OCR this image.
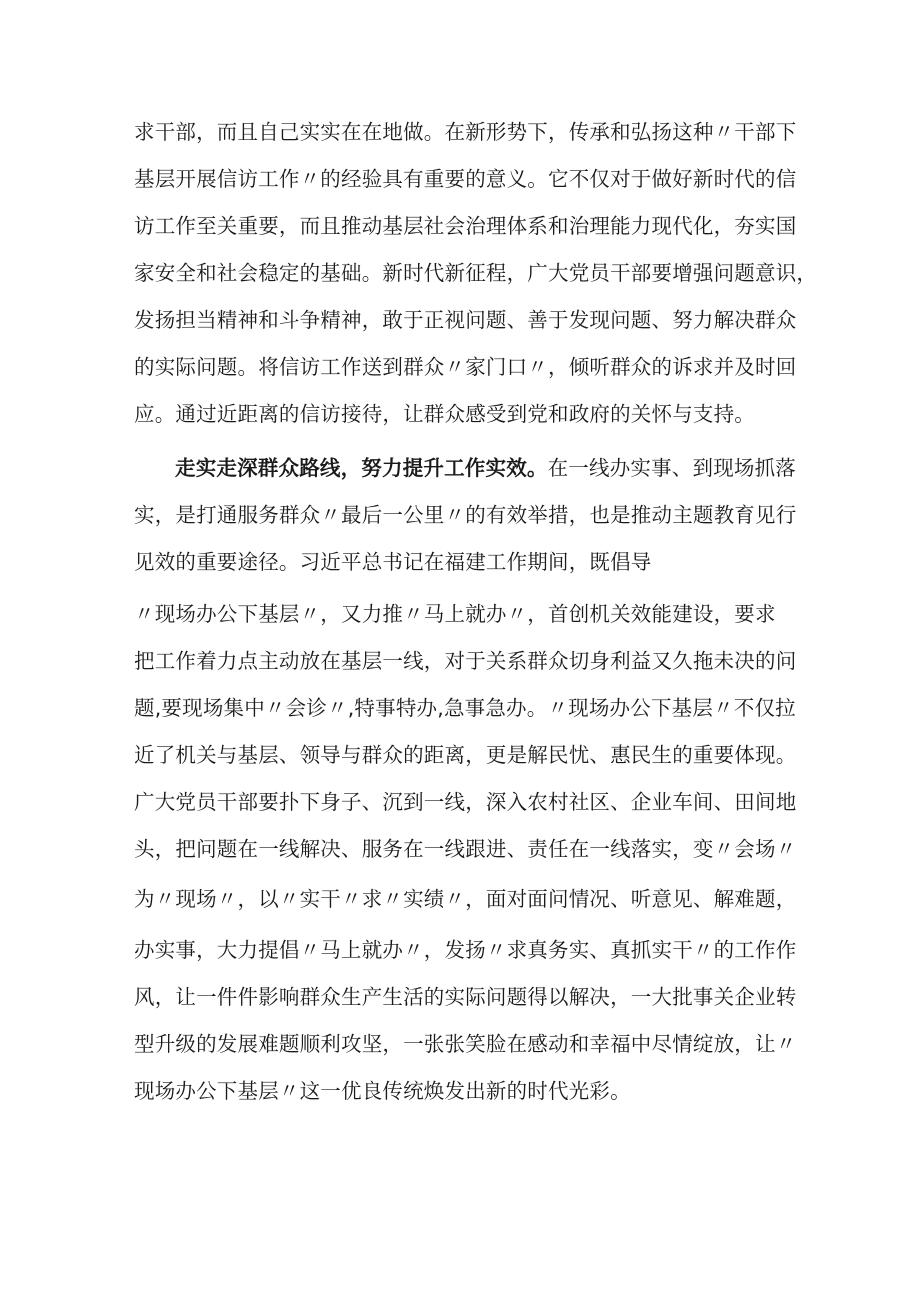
求干部，而且自己实实在在地做。在新形势下，传承和弘扬这种〃干部下
基层开展信访工作〃的经验具有重要的意义。它不仅对于做好新时代的信
访工作至关重要，而且推动基层社会治理体系和治理能力现代化，夯实国
家安全和社会稳定的基础。新时代新征程，广大党员干部要增强问题意识，
发扬担当精神和斗争精神，敢于正视问题、善于发现问题、努力解决群众
的实际问题。将信访工作送到群众〃家门口〃，倾听群众的诉求并及时回
应。通过近距离的信访接待，让群众感受到党和政府的关怀与支持。
走实走深群众路线，努力提升工作实效。在一线办实事、到现场抓落
实，是打通服务群众〃最后一公里〃的有效举措，也是推动主题教育见行
见效的重要途径。习近平总书记在福建工作期间，既倡导
〃现场办公下基层〃，又力推〃马上就办〃，首创机关效能建设，要求
把工作着力点主动放在基层一线，对于关系群众切身利益又久拖未决的问
题,要现场集中〃会诊〃,特事特办,急事急办。〃现场办公下基层〃不仅拉
近了机关与基层、领导与群众的距离，更是解民忧、惠民生的重要体现。
广大党员干部要扑下身子、沉到一线，深入农村社区、企业车间、田间地
头，把问题在一线解决、服务在一线跟进、责任在一线落实，变〃会场〃
为〃现场〃，以〃实干〃求〃实绩〃，面对面问情况、听意见、解难题，
办实事，大力提倡〃马上就办〃，发扬〃求真务实、真抓实干〃的工作作
风，让一件件影响群众生产生活的实际问题得以解决，一大批事关企业转
型升级的发展难题顺利攻坚，一张张笑脸在感动和幸福中尽情绽放，让〃
现场办公下基层〃这一优良传统焕发出新的时代光彩。
